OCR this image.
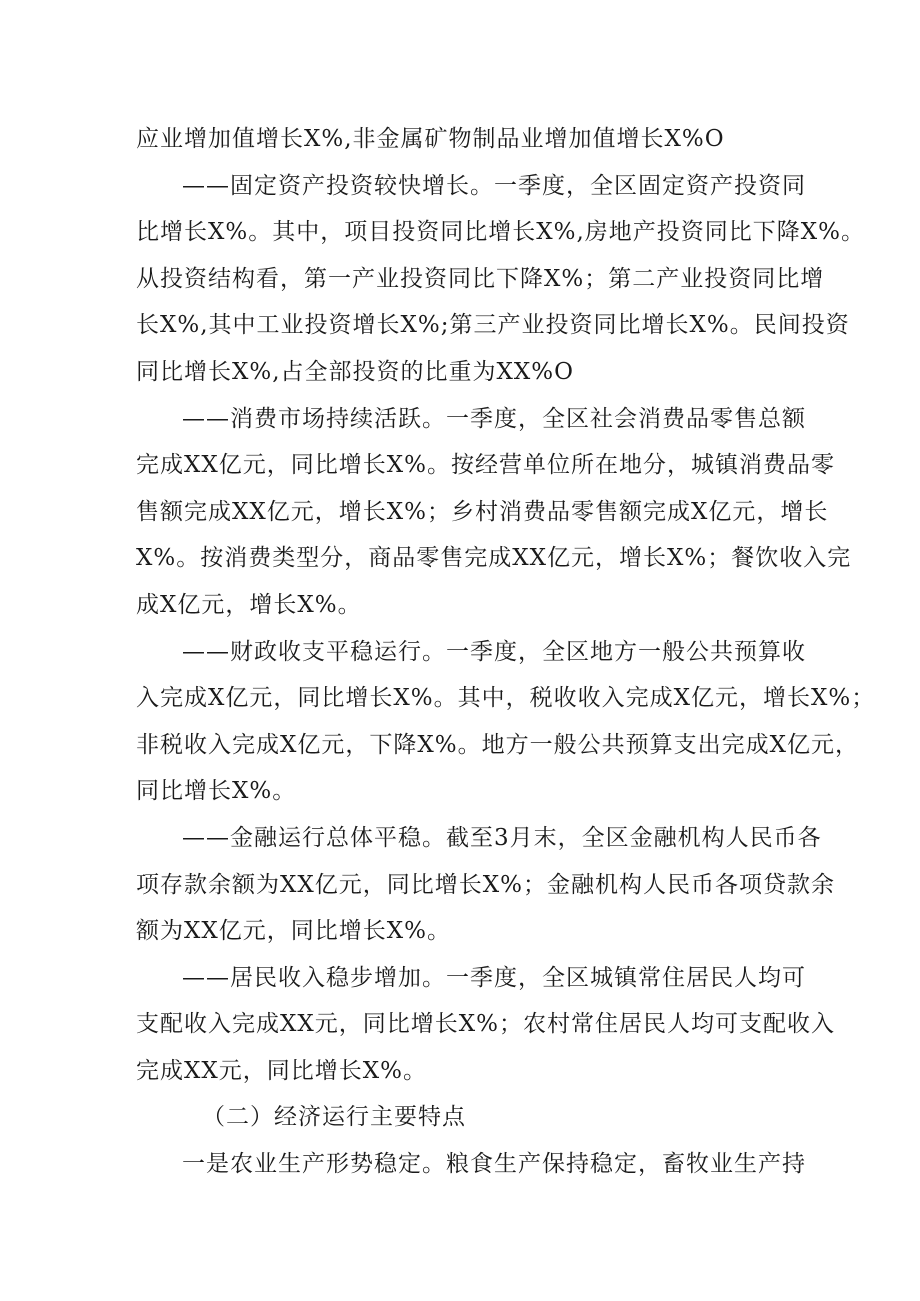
应业增加值增长X%,非金属矿物制品业增加值增长X%O
——固定资产投资较快增长。一季度，全区固定资产投资同
比增长X%。其中，项目投资同比增长X%,房地产投资同比下降X%。
从投资结构看，第一产业投资同比下降X%；第二产业投资同比增
长X%,其中工业投资增长X%;第三产业投资同比增长X%。民间投资
同比增长X%,占全部投资的比重为XX%O
——消费市场持续活跃。一季度，全区社会消费品零售总额
完成XX亿元，同比增长X%。按经营单位所在地分，城镇消费品零
售额完成XX亿元，增长X%；乡村消费品零售额完成X亿元，增长
X%。按消费类型分，商品零售完成XX亿元，增长X%；餐饮收入完
成X亿元，增长X%。
——财政收支平稳运行。一季度，全区地方一般公共预算收
入完成X亿元，同比增长X%。其中，税收收入完成X亿元，增长X%；
非税收入完成X亿元，下降X%。地方一般公共预算支出完成X亿元，
同比增长X%。
——金融运行总体平稳。截至3月末，全区金融机构人民币各
项存款余额为XX亿元，同比增长X%；金融机构人民币各项贷款余
额为XX亿元，同比增长X%。
——居民收入稳步增加。一季度，全区城镇常住居民人均可
支配收入完成XX元，同比增长X%；农村常住居民人均可支配收入
完成XX元，同比增长X%。
（二）经济运行主要特点
一是农业生产形势稳定。粮食生产保持稳定，畜牧业生产持
